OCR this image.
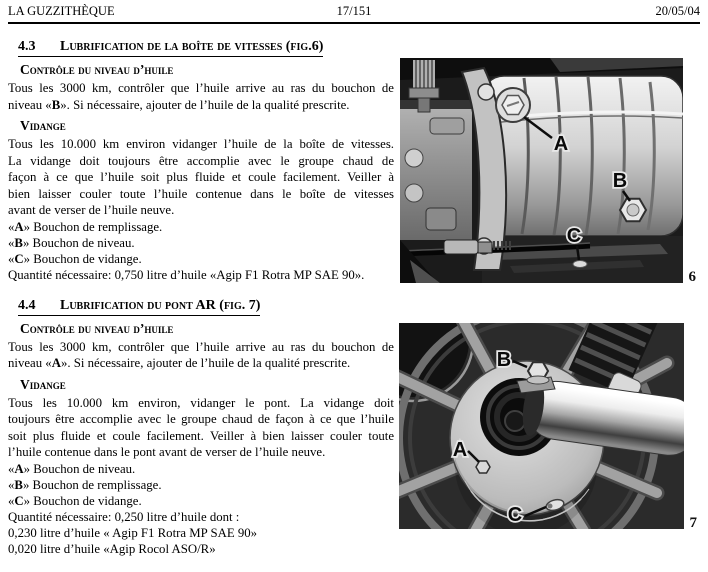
LA GUZZITHÈQUE	17/151	20/05/04
4.3 Lubrification de la boîte de vitesses (fig.6)
Contrôle du niveau d’huile
Tous les 3000 km, contrôler que l’huile arrive au ras du bouchon de
niveau «B». Si nécessaire, ajouter de l’huile de la qualité prescrite.
Vidange
Tous les 10.000 km environ vidanger l’huile de la boîte de vitesses.
La vidange doit toujours être accomplie avec le groupe chaud de
façon à ce que l’huile soit plus fluide et coule facilement. Veiller à
bien laisser couler toute l’huile contenue dans le boîte de vitesses
avant de verser de l’huile neuve.
«A» Bouchon de remplissage.
«B» Bouchon de niveau.
«C» Bouchon de vidange.
Quantité nécessaire: 0,750 litre d’huile «Agip F1 Rotra MP SAE 90».
4.4 Lubrification du pont AR (fig. 7)
Contrôle du niveau d’huile
Tous les 3000 km, contrôler que l’huile arrive au ras du bouchon de
niveau «A». Si nécessaire, ajouter de l’huile de la qualité prescrite.
Vidange
Tous les 10.000 km environ, vidanger le pont. La vidange doit
toujours être accomplie avec le groupe chaud de façon à ce que l’huile
soit plus fluide et coule facilement. Veiller à bien laisser couler toute
l’huile contenue dans le pont avant de verser de l’huile neuve.
«A» Bouchon de niveau.
«B» Bouchon de remplissage.
«C» Bouchon de vidange.
Quantité nécessaire: 0,250 litre d’huile dont :
0,230 litre d’huile « Agip F1 Rotra MP SAE 90»
0,020 litre d’huile «Agip Rocol ASO/R»
A
B
C
6
B
A
C	7
